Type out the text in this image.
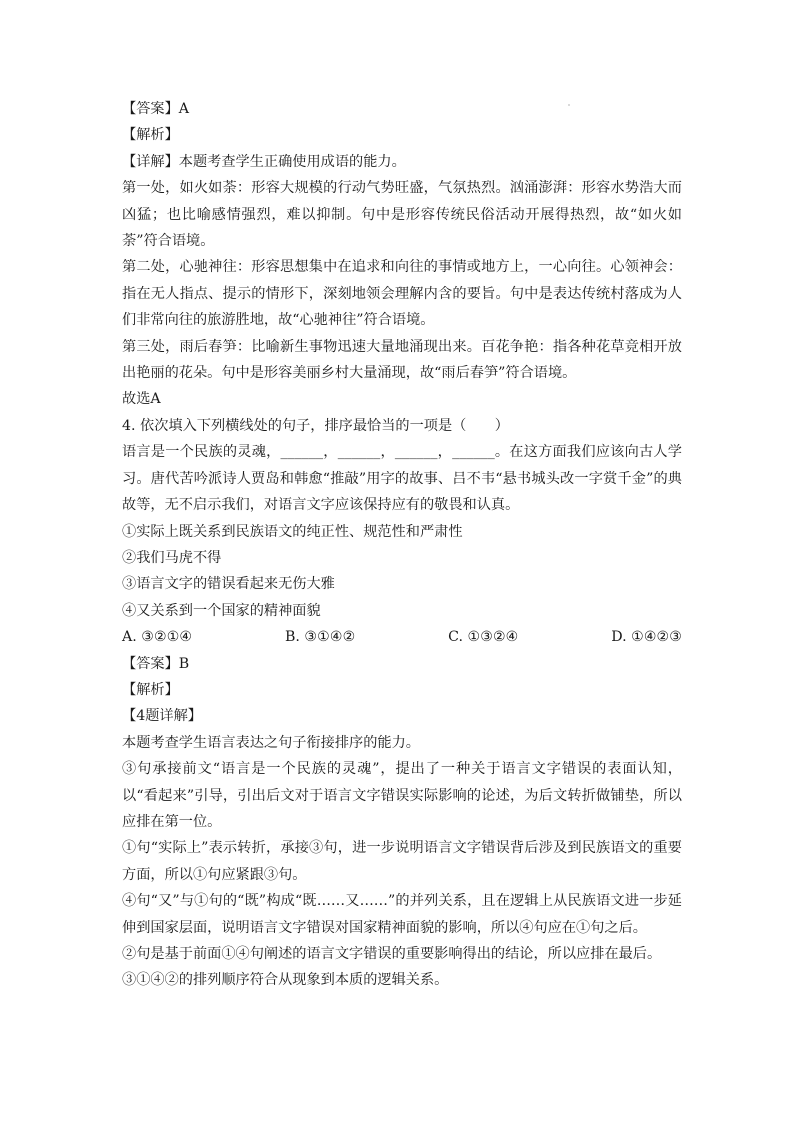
【答案】A

【解析】

【详解】本题考查学生正确使用成语的能力。

第一处，如火如荼：形容大规模的行动气势旺盛，气氛热烈。汹涌澎湃：形容水势浩大而凶猛；也比喻感情强烈，难以抑制。句中是形容传统民俗活动开展得热烈，故“如火如荼”符合语境。

第二处，心驰神往：形容思想集中在追求和向往的事情或地方上，一心向往。心领神会：指在无人指点、提示的情形下，深刻地领会理解内含的要旨。句中是表达传统村落成为人们非常向往的旅游胜地，故“心驰神往”符合语境。

第三处，雨后春笋：比喻新生事物迅速大量地涌现出来。百花争艳：指各种花草竞相开放出艳丽的花朵。句中是形容美丽乡村大量涌现，故“雨后春笋”符合语境。

故选A

4. 依次填入下列横线处的句子，排序最恰当的一项是（　　）

语言是一个民族的灵魂，______，______，______，______。在这方面我们应该向古人学习。唐代苦吟派诗人贾岛和韩愈“推敲”用字的故事、吕不韦“悬书城头改一字赏千金”的典故等，无不启示我们，对语言文字应该保持应有的敬畏和认真。

①实际上既关系到民族语文的纯正性、规范性和严肃性

②我们马虎不得

③语言文字的错误看起来无伤大雅

④又关系到一个国家的精神面貌

A. ③②①④	B. ③①④②	C. ①③②④	D. ①④②③

【答案】B

【解析】

【4题详解】

本题考查学生语言表达之句子衔接排序的能力。

③句承接前文“语言是一个民族的灵魂”，提出了一种关于语言文字错误的表面认知，以“看起来”引导，引出后文对于语言文字错误实际影响的论述，为后文转折做铺垫，所以应排在第一位。

①句“实际上”表示转折，承接③句，进一步说明语言文字错误背后涉及到民族语文的重要方面，所以①句应紧跟③句。

④句“又”与①句的“既”构成“既……又……”的并列关系，且在逻辑上从民族语文进一步延伸到国家层面，说明语言文字错误对国家精神面貌的影响，所以④句应在①句之后。

②句是基于前面①④句阐述的语言文字错误的重要影响得出的结论，所以应排在最后。

③①④②的排列顺序符合从现象到本质的逻辑关系。
